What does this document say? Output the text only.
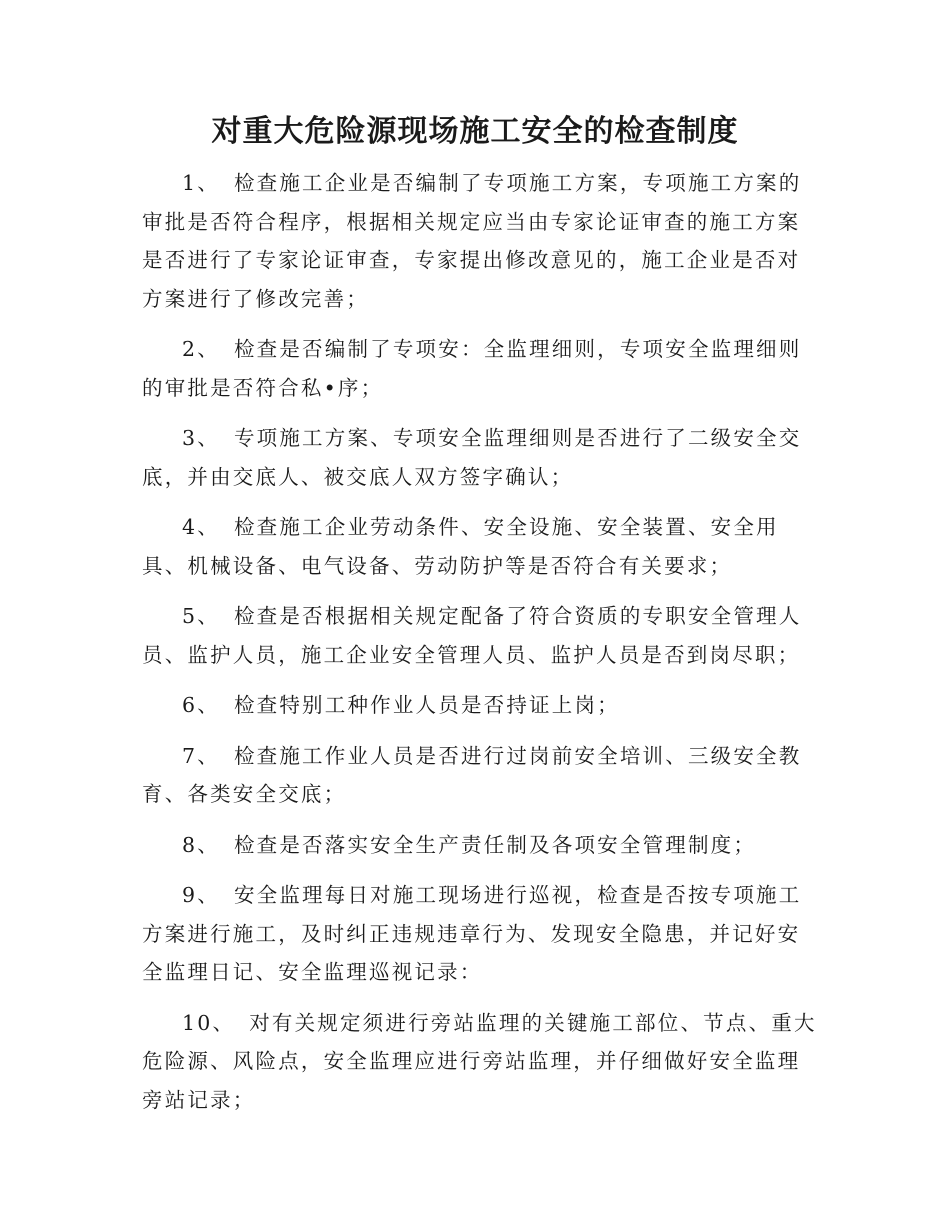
对重大危险源现场施工安全的检查制度
1、 检查施工企业是否编制了专项施工方案，专项施工方案的审批是否符合程序，根据相关规定应当由专家论证审查的施工方案是否进行了专家论证审查，专家提出修改意见的，施工企业是否对方案进行了修改完善；
2、 检查是否编制了专项安：全监理细则，专项安全监理细则的审批是否符合私•序；
3、 专项施工方案、专项安全监理细则是否进行了二级安全交底，并由交底人、被交底人双方签字确认；
4、 检查施工企业劳动条件、安全设施、安全装置、安全用具、机械设备、电气设备、劳动防护等是否符合有关要求；
5、 检查是否根据相关规定配备了符合资质的专职安全管理人员、监护人员，施工企业安全管理人员、监护人员是否到岗尽职；
6、 检查特别工种作业人员是否持证上岗；
7、 检查施工作业人员是否进行过岗前安全培训、三级安全教育、各类安全交底；
8、 检查是否落实安全生产责任制及各项安全管理制度；
9、 安全监理每日对施工现场进行巡视，检查是否按专项施工方案进行施工，及时纠正违规违章行为、发现安全隐患，并记好安全监理日记、安全监理巡视记录：
10、 对有关规定须进行旁站监理的关键施工部位、节点、重大危险源、风险点，安全监理应进行旁站监理，并仔细做好安全监理旁站记录；
